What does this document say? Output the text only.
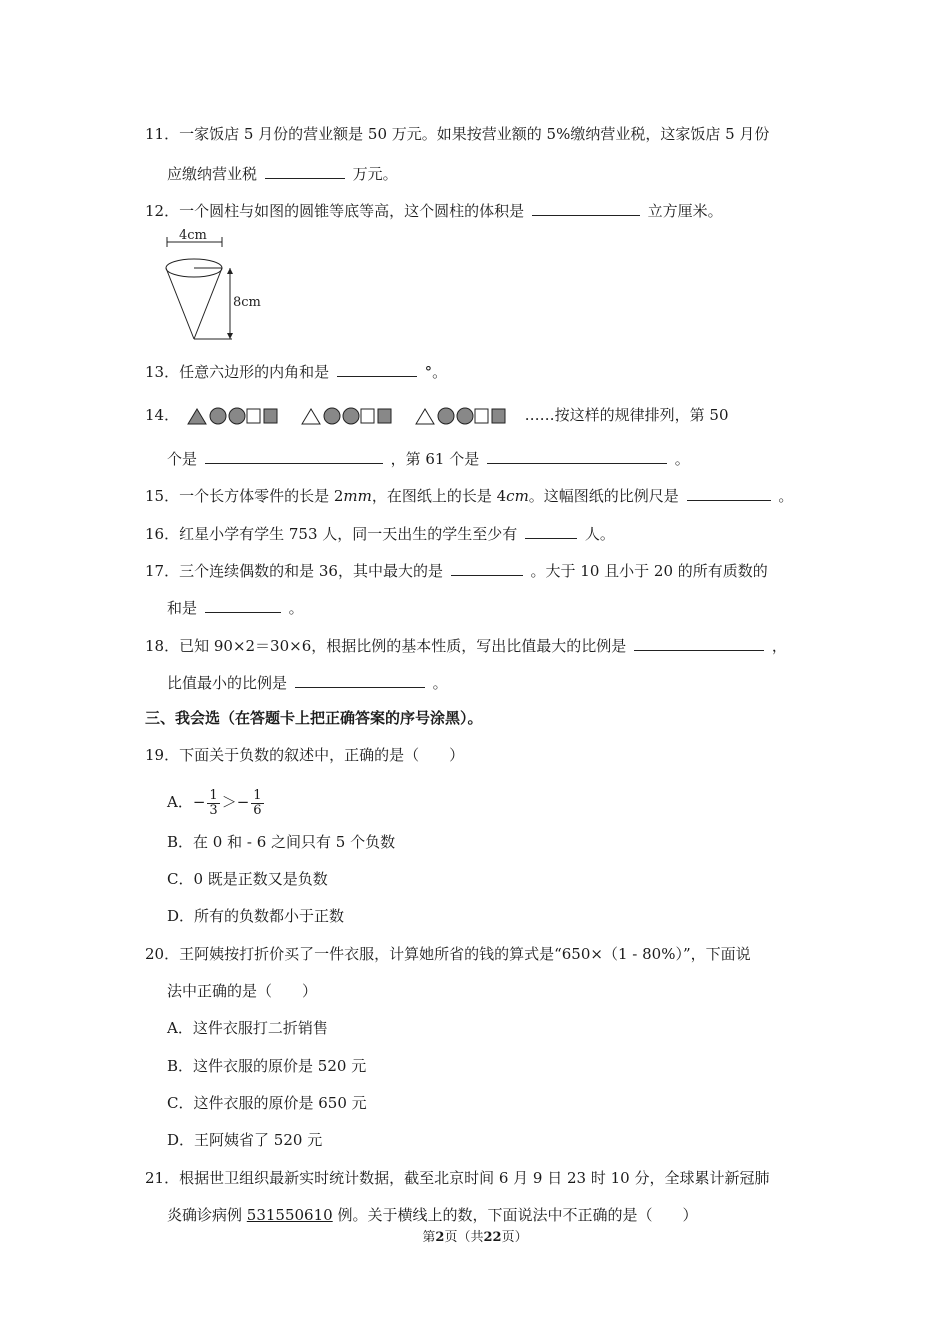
11．一家饭店 5 月份的营业额是 50 万元。如果按营业额的 5%缴纳营业税，这家饭店 5 月份
应缴纳营业税	万元。
12．一个圆柱与如图的圆锥等底等高，这个圆柱的体积是	立方厘米。
4cm
8cm
13．任意六边形的内角和是	°。
14．	……按这样的规律排列，第 50
个是	，第 61 个是	。
15．一个长方体零件的长是 2mm，在图纸上的长是 4cm。这幅图纸的比例尺是	。
16．红星小学有学生 753 人，同一天出生的学生至少有	人。
17．三个连续偶数的和是 36，其中最大的是	。大于 10 且小于 20 的所有质数的
和是	。
18．已知 90×2＝30×6，根据比例的基本性质，写出比值最大的比例是	，
比值最小的比例是	。
三、我会选（在答题卡上把正确答案的序号涂黑）。
19．下面关于负数的叙述中，正确的是（　　）
A．− $\frac{1}{3} >- \frac{1}{6}$
B．在 0 和 - 6 之间只有 5 个负数
C．0 既是正数又是负数
D．所有的负数都小于正数
20．王阿姨按打折价买了一件衣服，计算她所省的钱的算式是“650×（1 - 80%）”，下面说
法中正确的是（　　）
A．这件衣服打二折销售
B．这件衣服的原价是 520 元
C．这件衣服的原价是 650 元
D．王阿姨省了 520 元
21．根据世卫组织最新实时统计数据，截至北京时间 6 月 9 日 23 时 10 分，全球累计新冠肺
炎确诊病例 531550610 例。关于横线上的数，下面说法中不正确的是（　　）
第2页（共22页）
